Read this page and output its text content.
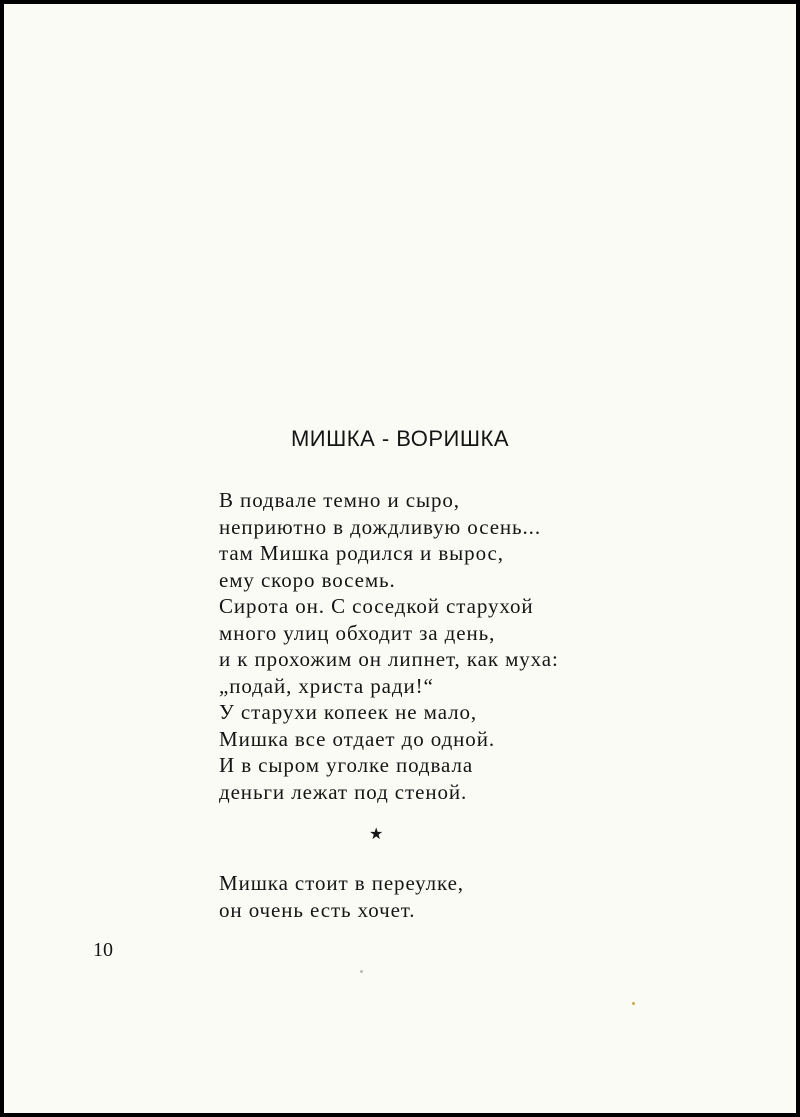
МИШКА - ВОРИШКА
В подвале темно и сыро,
неприютно в дождливую осень...
там Мишка родился и вырос,
ему скоро восемь.
Сирота он. С соседкой старухой
много улиц обходит за день,
и к прохожим он липнет, как муха:
„подай, христа ради!“
У старухи копеек не мало,
Мишка все отдает до одной.
И в сыром уголке подвала
деньги лежат под стеной.
★
Мишка стоит в переулке,
он очень есть хочет.
10
